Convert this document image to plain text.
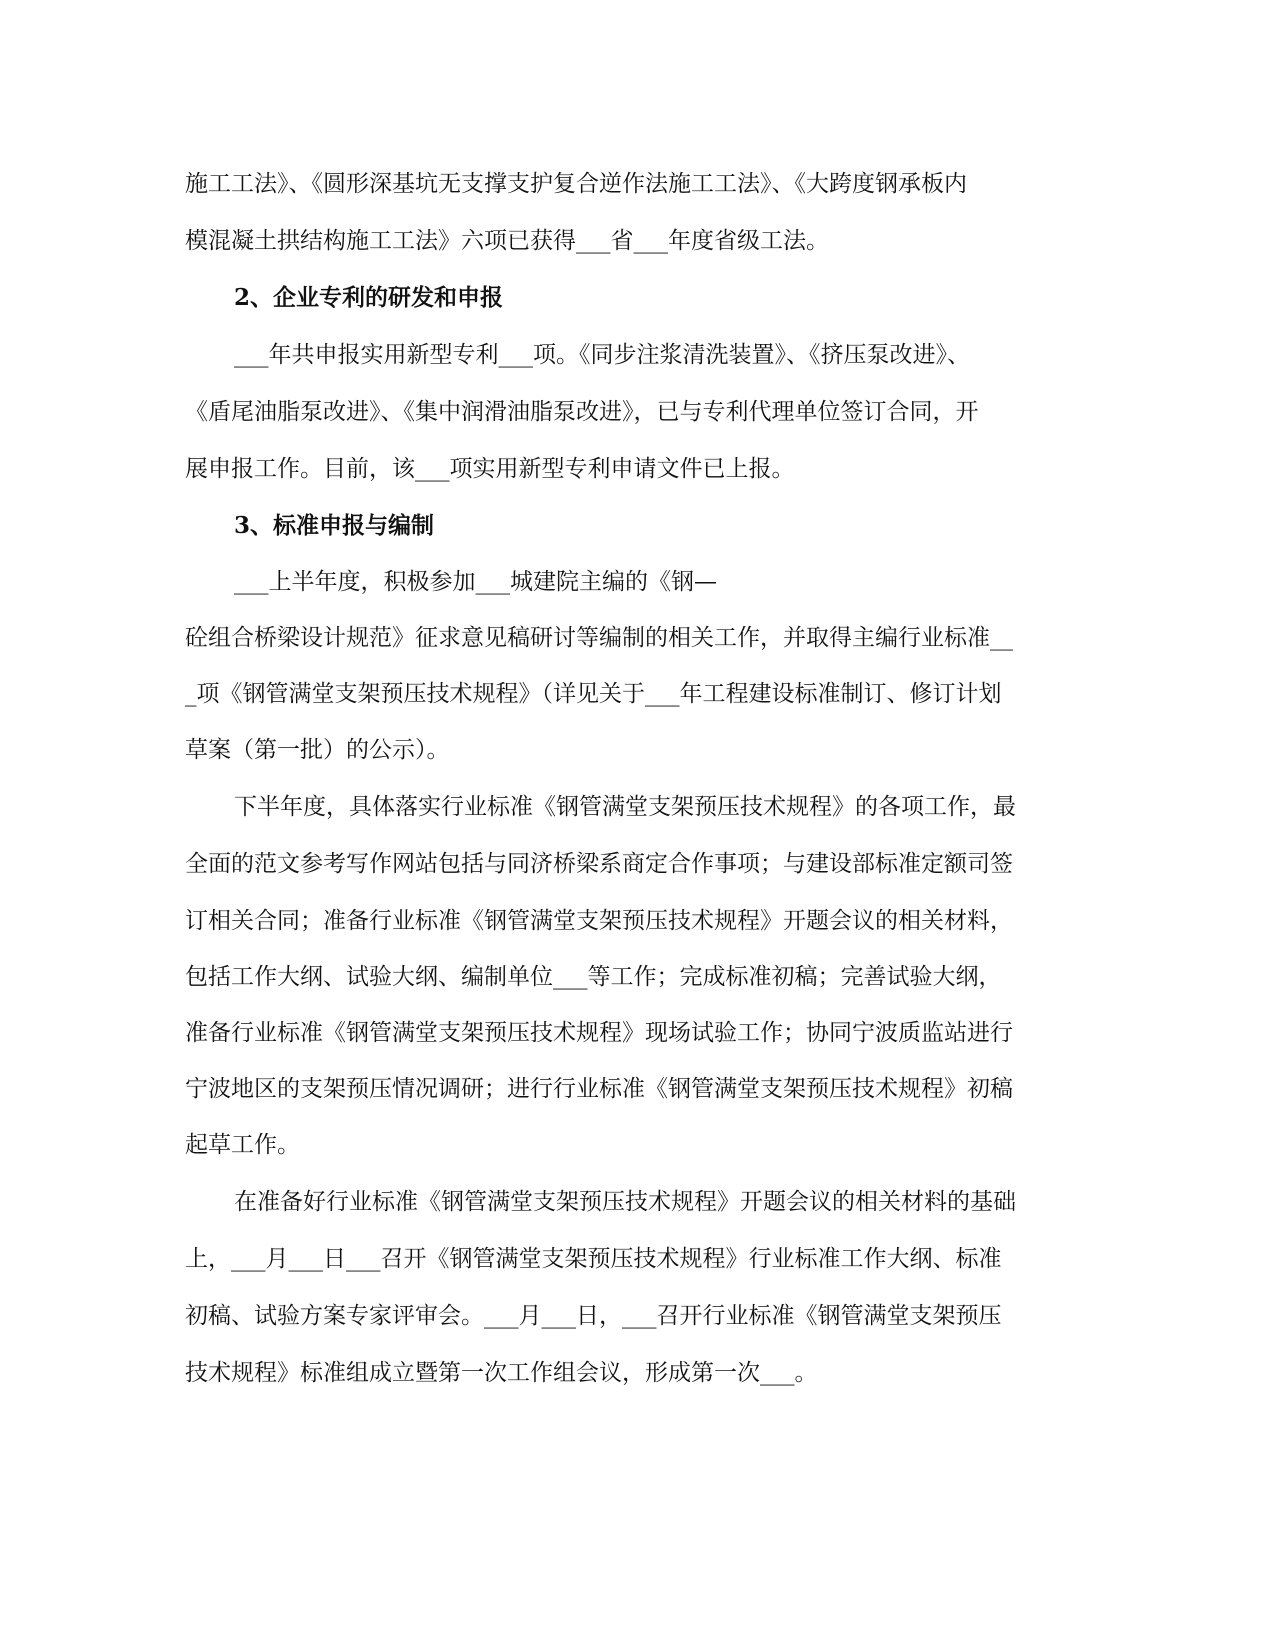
施工工法》、《圆形深基坑无支撑支护复合逆作法施工工法》、《大跨度钢承板内
模混凝土拱结构施工工法》六项已获得___省___年度省级工法。
2、企业专利的研发和申报
___年共申报实用新型专利___项。《同步注浆清洗装置》、《挤压泵改进》、
《盾尾油脂泵改进》、《集中润滑油脂泵改进》，已与专利代理单位签订合同，开
展申报工作。目前，该___项实用新型专利申请文件已上报。
3、标准申报与编制
___上半年度，积极参加___城建院主编的《钢—
砼组合桥梁设计规范》征求意见稿研讨等编制的相关工作，并取得主编行业标准__
_项《钢管满堂支架预压技术规程》（详见关于___年工程建设标准制订、修订计划
草案（第一批）的公示）。
下半年度，具体落实行业标准《钢管满堂支架预压技术规程》的各项工作，最
全面的范文参考写作网站包括与同济桥梁系商定合作事项；与建设部标准定额司签
订相关合同；准备行业标准《钢管满堂支架预压技术规程》开题会议的相关材料，
包括工作大纲、试验大纲、编制单位___等工作；完成标准初稿；完善试验大纲，
准备行业标准《钢管满堂支架预压技术规程》现场试验工作；协同宁波质监站进行
宁波地区的支架预压情况调研；进行行业标准《钢管满堂支架预压技术规程》初稿
起草工作。
在准备好行业标准《钢管满堂支架预压技术规程》开题会议的相关材料的基础
上，___月___日___召开《钢管满堂支架预压技术规程》行业标准工作大纲、标准
初稿、试验方案专家评审会。___月___日，___召开行业标准《钢管满堂支架预压
技术规程》标准组成立暨第一次工作组会议，形成第一次___。
